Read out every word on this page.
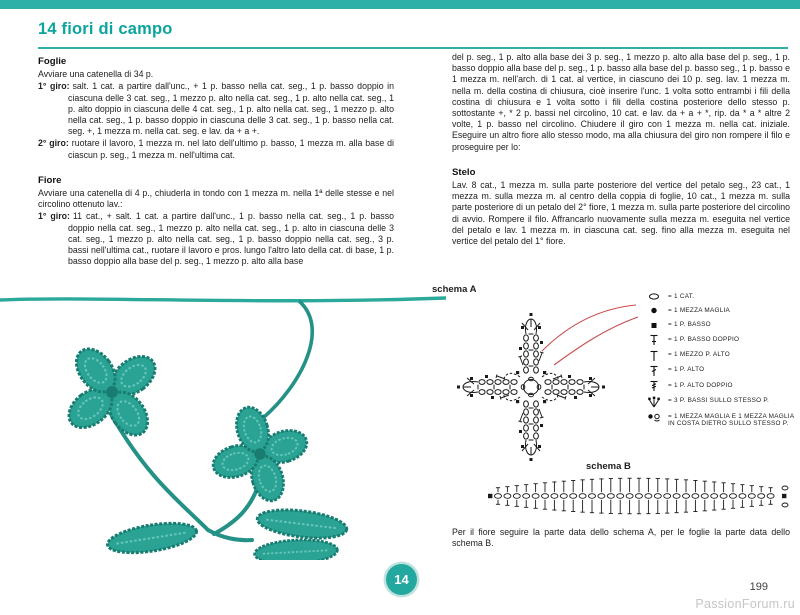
14 fiori di campo
Foglie

Avviare una catenella di 34 p.

1° giro: salt. 1 cat. a partire dall'unc., + 1 p. basso nella cat. seg., 1 p. basso doppio in ciascuna delle 3 cat. seg., 1 mezzo p. alto nella cat. seg., 1 p. alto nella cat. seg., 1 p. alto doppio in ciascuna delle 4 cat. seg., 1 p. alto nella cat. seg., 1 mezzo p. alto nella cat. seg., 1 p. basso doppio in ciascuna delle 3 cat. seg., 1 p. basso nella cat. seg. +, 1 mezza m. nella cat. seg. e lav. da + a +.

2° giro: ruotare il lavoro, 1 mezza m. nel lato dell'ultimo p. basso, 1 mezza m. alla base di ciascun p. seg., 1 mezza m. nell'ultima cat.

Fiore

Avviare una catenella di 4 p., chiuderla in tondo con 1 mezza m. nella 1ª delle stesse e nel circolino ottenuto lav.:

1° giro: 11 cat., + salt. 1 cat. a partire dall'unc., 1 p. basso nella cat. seg., 1 p. basso doppio nella cat. seg., 1 mezzo p. alto nella cat. seg., 1 p. alto in ciascuna delle 3 cat. seg., 1 mezzo p. alto nella cat. seg., 1 p. basso doppio nella cat. seg., 3 p. bassi nell'ultima cat., ruotare il lavoro e pros. lungo l'altro lato della cat. di base, 1 p. basso doppio alla base del p. seg., 1 mezzo p. alto alla base

del p. seg., 1 p. alto alla base dei 3 p. seg., 1 mezzo p. alto alla base del p. seg., 1 p. basso doppio alla base del p. seg., 1 p. basso alla base del p. basso seg., 1 p. basso e 1 mezza m. nell'arch. di 1 cat. al vertice, in ciascuno dei 10 p. seg. lav. 1 mezza m. nella m. della costina di chiusura, cioè inserire l'unc. 1 volta sotto entrambi i fili della costina di chiusura e 1 volta sotto i fili della costina posteriore dello stesso p. sottostante +, * 2 p. bassi nel circolino, 10 cat. e lav. da + a + *, rip. da * a * altre 2 volte, 1 p. basso nel circolino. Chiudere il giro con 1 mezza m. nella cat. iniziale. Eseguire un altro fiore allo stesso modo, ma alla chiusura del giro non rompere il filo e proseguire per lo:

Stelo

Lav. 8 cat., 1 mezza m. sulla parte posteriore del vertice del petalo seg., 23 cat., 1 mezza m. sulla mezza m. al centro della coppia di foglie, 10 cat., 1 mezza m. sulla parte posteriore di un petalo del 2° fiore, 1 mezza m. sulla parte posteriore del circolino di avvio. Rompere il filo. Affrancarlo nuovamente sulla mezza m. eseguita nel vertice del petalo e lav. 1 mezza m. in ciascuna cat. seg. fino alla mezza m. eseguita nel vertice del petalo del 1° fiore.

schema A
= 1 CAT.
= 1 MEZZA MAGLIA
= 1 P. BASSO
= 1 P. BASSO DOPPIO
= 1 MEZZO P. ALTO
= 1 P. ALTO
= 1 P. ALTO DOPPIO
= 3 P. BASSI SULLO STESSO P.
= 1 MEZZA MAGLIA E 1 MEZZA MAGLIA IN COSTA DIETRO SULLO STESSO P.
schema B

Per il fiore seguire la parte data dello schema A, per le foglie la parte data dello schema B.

14	199
PassionForum.ru
